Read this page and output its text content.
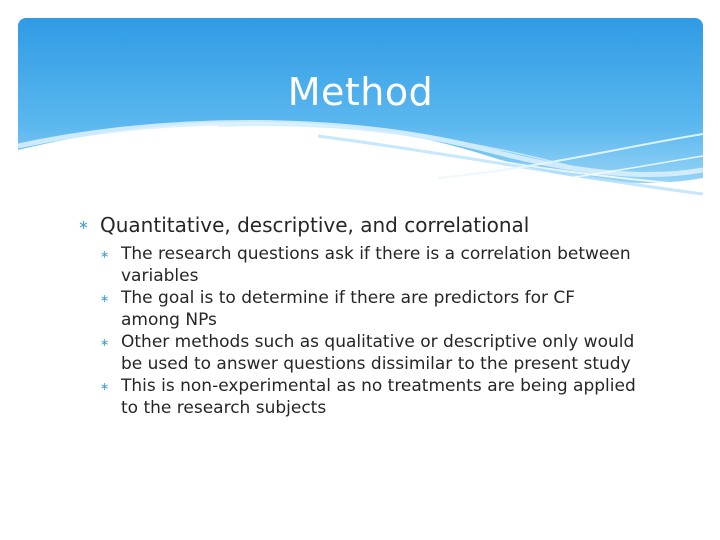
Method
∗ Quantitative, descriptive, and correlational
∗ The research questions ask if there is a correlation between variables
∗ The goal is to determine if there are predictors for CF among NPs
∗ Other methods such as qualitative or descriptive only would be used to answer questions dissimilar to the present study
∗ This is non-experimental as no treatments are being applied to the research subjects
